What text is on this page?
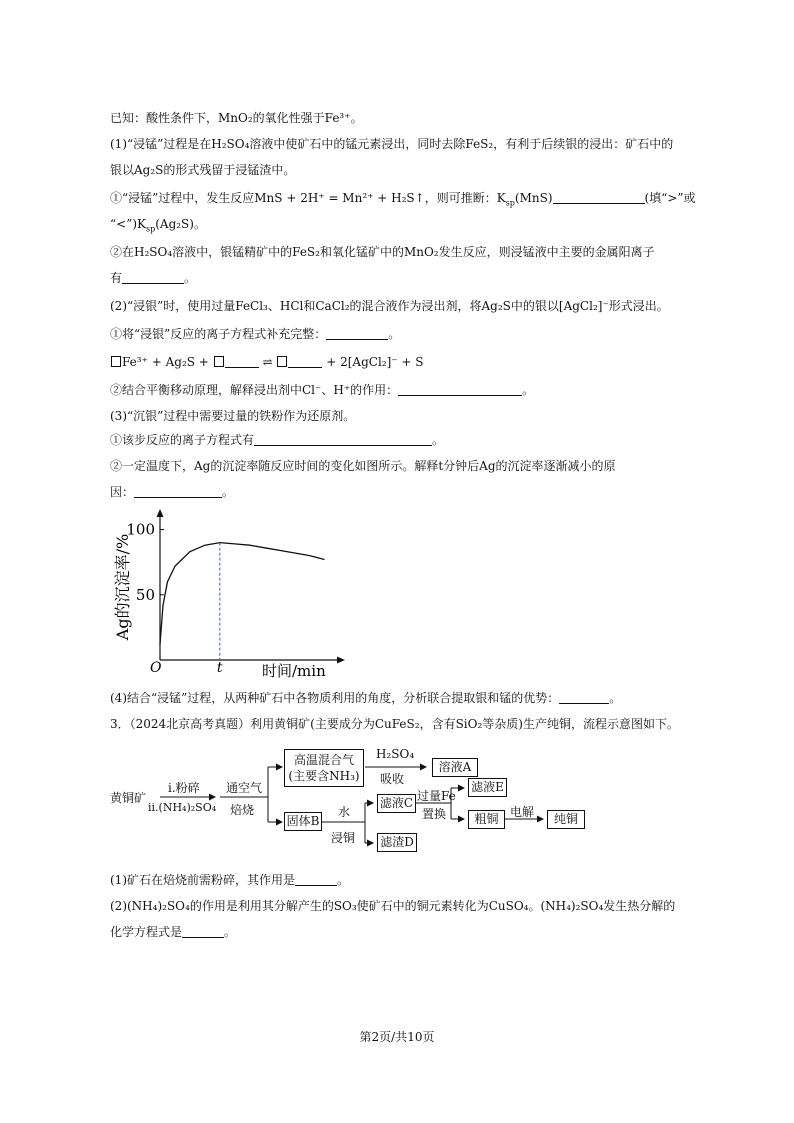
已知：酸性条件下，MnO₂的氧化性强于Fe³⁺。
(1)“浸锰”过程是在H₂SO₄溶液中使矿石中的锰元素浸出，同时去除FeS₂，有利于后续银的浸出：矿石中的
银以Ag₂S的形式残留于浸锰渣中。
①“浸锰”过程中，发生反应MnS + 2H⁺ = Mn²⁺ + H₂S↑，则可推断：$K_{sp}(MnS)$	(填“>”或
“$<”)K_{sp}(Ag_2S)$。
②在H₂SO₄溶液中，银锰精矿中的FeS₂和氧化锰矿中的MnO₂发生反应，则浸锰液中主要的金属阳离子
有	。
(2)“浸银”时，使用过量FeCl₃、HCl和CaCl₂的混合液作为浸出剂，将Ag₂S中的银以[AgCl₂]⁻形式浸出。
①将“浸银”反应的离子方程式补充完整：	。
Fe³⁺ + Ag₂S +	⇌	+ 2[AgCl₂]⁻ + S
②结合平衡移动原理，解释浸出剂中Cl⁻、H⁺的作用：	。
(3)“沉银”过程中需要过量的铁粉作为还原剂。
①该步反应的离子方程式有	。
②一定温度下，Ag的沉淀率随反应时间的变化如图所示。解释t分钟后Ag的沉淀率逐渐减小的原
因：	。
Ag的沉淀率/%
时间/min
O
50
100
t
(4)结合“浸锰”过程，从两种矿石中各物质利用的角度，分析联合提取银和锰的优势：	。
3．（2024北京高考真题）利用黄铜矿(主要成分为CuFeS₂，含有SiO₂等杂质)生产纯铜，流程示意图如下。
黄铜矿
i.粉碎
ii.(NH₄)₂SO₄
通空气
焙烧
高温混合气
(主要含NH₃)
H₂SO₄
吸收
溶液A
固体B
水
浸铜
滤液C
滤渣D
过量Fe
置换
滤液E
粗铜 电解	纯铜
(1)矿石在焙烧前需粉碎，其作用是	。
(2)(NH₄)₂SO₄的作用是利用其分解产生的SO₃使矿石中的铜元素转化为CuSO₄。(NH₄)₂SO₄发生热分解的
化学方程式是	。
第2页/共10页
